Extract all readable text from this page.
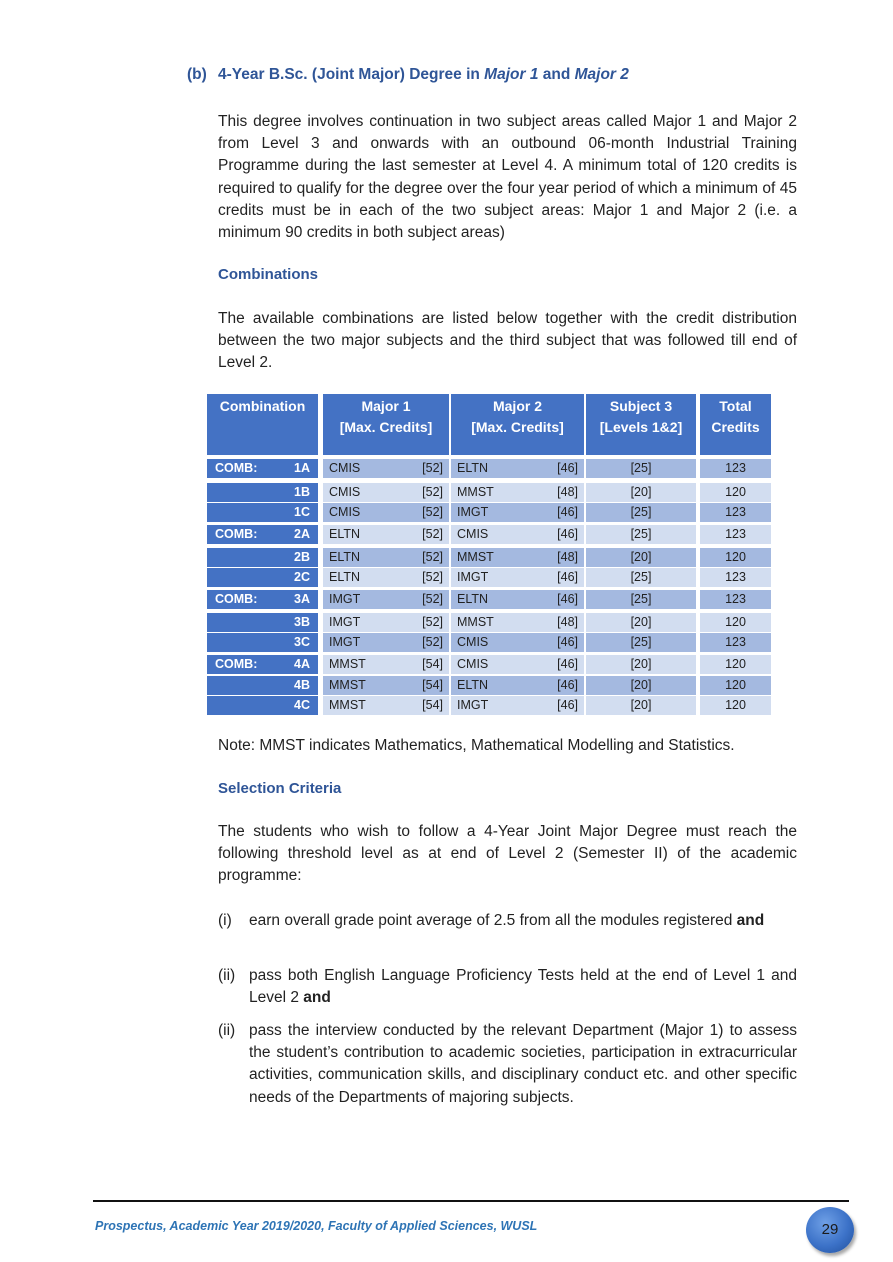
(b) 4-Year B.Sc. (Joint Major) Degree in Major 1 and Major 2
This degree involves continuation in two subject areas called Major 1 and Major 2 from Level 3 and onwards with an outbound 06-month Industrial Training Programme during the last semester at Level 4. A minimum total of 120 credits is required to qualify for the degree over the four year period of which a minimum of 45 credits must be in each of the two subject areas: Major 1 and Major 2 (i.e. a minimum 90 credits in both subject areas)
Combinations
The available combinations are listed below together with the credit distribution between the two major subjects and the third subject that was followed till end of Level 2.
Combination	Major 1
[Max. Credits]
Major 2
[Max. Credits]
Subject 3
[Levels 1&2]
Total
Credits
COMB:	1A CMIS	[52] ELTN	[46]	[25]	123
1B CMIS	[52] MMST	[48]	[20]	120
1C CMIS	[52] IMGT	[46]	[25]	123
COMB:	2A ELTN	[52] CMIS	[46]	[25]	123
2B ELTN	[52] MMST	[48]	[20]	120
2C ELTN	[52] IMGT	[46]	[25]	123
COMB:	3A IMGT	[52] ELTN	[46]	[25]	123
3B IMGT	[52] MMST	[48]	[20]	120
3C IMGT	[52] CMIS	[46]	[25]	123
COMB:	4A MMST	[54] CMIS	[46]	[20]	120
4B MMST	[54] ELTN	[46]	[20]	120
4C MMST	[54] IMGT	[46]	[20]	120
Note: MMST indicates Mathematics, Mathematical Modelling and Statistics.
Selection Criteria
The students who wish to follow a 4-Year Joint Major Degree must reach the following threshold level as at end of Level 2 (Semester II) of the academic programme:
(i) earn overall grade point average of 2.5 from all the modules registered and
(ii) pass both English Language Proficiency Tests held at the end of Level 1 and Level 2 and
(ii) pass the interview conducted by the relevant Department (Major 1) to assess the student’s contribution to academic societies, participation in extracurricular activities, communication skills, and disciplinary conduct etc. and other specific needs of the Departments of majoring subjects.
Prospectus, Academic Year 2019/2020, Faculty of Applied Sciences, WUSL	29
